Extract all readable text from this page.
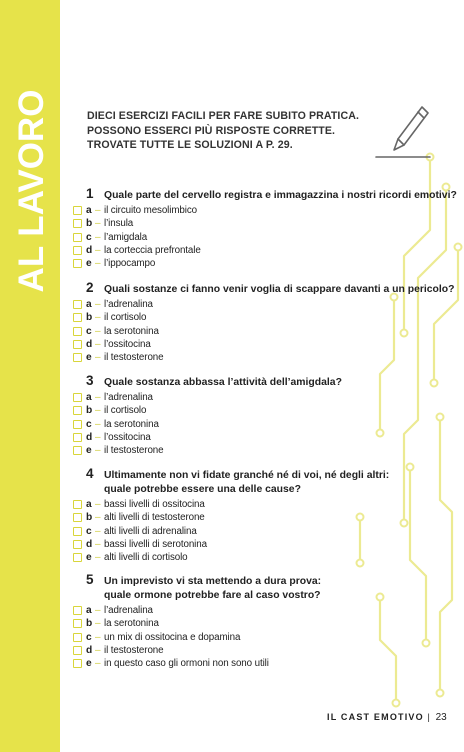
AL LAVORO	DIECI ESERCIZI FACILI PER FARE SUBITO PRATICA.
POSSONO ESSERCI PIÙ RISPOSTE CORRETTE.
TROVATE TUTTE LE SOLUZIONI A P. 29.
1 Quale parte del cervello registra e immagazzina i nostri ricordi emotivi?
a – il circuito mesolimbico
b – l’insula
c – l’amigdala
d – la corteccia prefrontale
e – l’ippocampo
2 Quali sostanze ci fanno venir voglia di scappare davanti a un pericolo?
a – l’adrenalina
b – il cortisolo
c – la serotonina
d – l’ossitocina
e – il testosterone
3 Quale sostanza abbassa l’attività dell’amigdala?
a – l’adrenalina
b – il cortisolo
c – la serotonina
d – l’ossitocina
e – il testosterone
4 Ultimamente non vi fidate granché né di voi, né degli altri:
quale potrebbe essere una delle cause?
a – bassi livelli di ossitocina
b – alti livelli di testosterone
c – alti livelli di adrenalina
d – bassi livelli di serotonina
e – alti livelli di cortisolo
5 Un imprevisto vi sta mettendo a dura prova:
quale ormone potrebbe fare al caso vostro?
a – l’adrenalina
b – la serotonina
c – un mix di ossitocina e dopamina
d – il testosterone
e – in questo caso gli ormoni non sono utili
IL CAST EMOTIVO | 23
